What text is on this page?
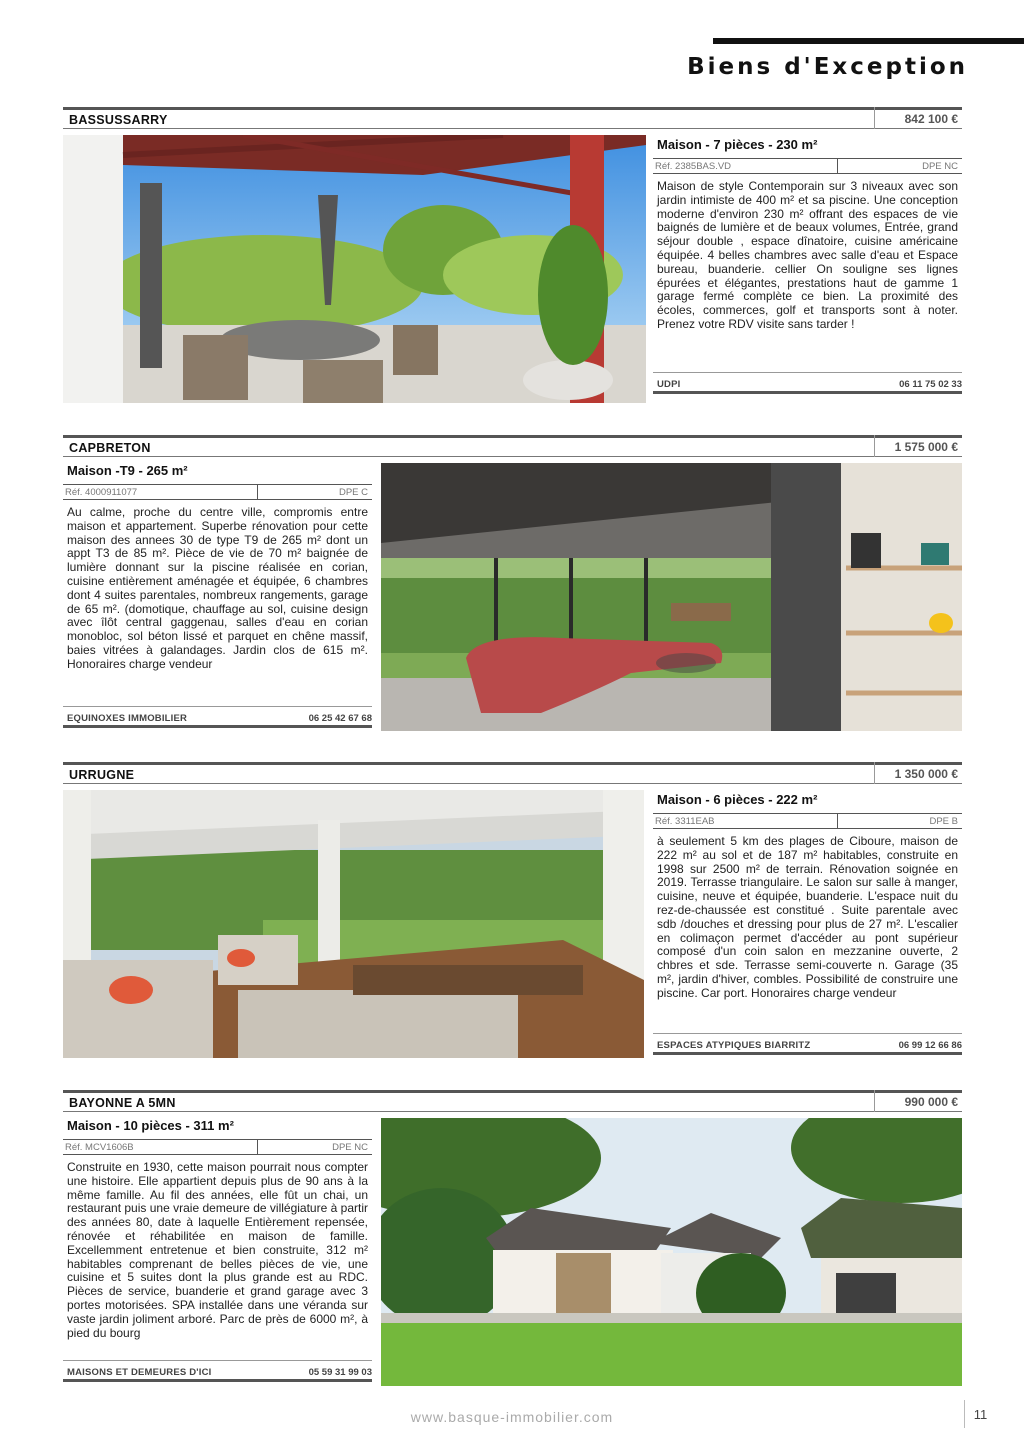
Biens d'Exception
BASSUSSARRY	842 100 €
Maison - 7 pièces - 230 m²
Réf. 2385BAS.VD	DPE NC
Maison de style Contemporain sur 3 niveaux avec son jardin intimiste de 400 m² et sa piscine. Une conception moderne d'environ 230 m² offrant des espaces de vie baignés de lumière et de beaux volumes, Entrée, grand séjour double , espace dînatoire, cuisine américaine équipée. 4 belles chambres avec salle d'eau et Espace bureau, buanderie. cellier On souligne ses lignes épurées et élégantes, prestations haut de gamme 1 garage fermé complète ce bien. La proximité des écoles, commerces, golf et transports sont à noter. Prenez votre RDV visite sans tarder !
UDPI	06 11 75 02 33
CAPBRETON	1 575 000 €
Maison -T9 - 265 m²
Réf. 4000911077	DPE C
Au calme, proche du centre ville, compromis entre maison et appartement. Superbe rénovation pour cette maison des annees 30 de type T9 de 265 m² dont un appt T3 de 85 m². Pièce de vie de 70 m² baignée de lumière donnant sur la piscine réalisée en corian, cuisine entièrement aménagée et équipée, 6 chambres dont 4 suites parentales, nombreux rangements, garage de 65 m². (domotique, chauffage au sol, cuisine design avec îlôt central gaggenau, salles d'eau en corian monobloc, sol béton lissé et parquet en chêne massif, baies vitrées à galandages. Jardin clos de 615 m². Honoraires charge vendeur
EQUINOXES IMMOBILIER	06 25 42 67 68
URRUGNE	1 350 000 €
Maison - 6 pièces - 222 m²
Réf. 3311EAB	DPE B
à seulement 5 km des plages de Ciboure, maison de 222 m² au sol et de 187 m² habitables, construite en 1998 sur 2500 m² de terrain. Rénovation soignée en 2019. Terrasse triangulaire. Le salon sur salle à manger, cuisine, neuve et équipée, buanderie. L'espace nuit du rez-de-chaussée est constitué . Suite parentale avec sdb /douches et dressing pour plus de 27 m². L'escalier en colimaçon permet d'accéder au pont supérieur composé d'un coin salon en mezzanine ouverte, 2 chbres et sde. Terrasse semi-couverte n. Garage (35 m², jardin d'hiver, combles. Possibilité de construire une piscine. Car port. Honoraires charge vendeur
ESPACES ATYPIQUES BIARRITZ	06 99 12 66 86
BAYONNE A 5MN	990 000 €
Maison - 10 pièces - 311 m²
Réf. MCV1606B	DPE NC
Construite en 1930, cette maison pourrait nous compter une histoire. Elle appartient depuis plus de 90 ans à la même famille. Au fil des années, elle fût un chai, un restaurant puis une vraie demeure de villégiature à partir des années 80, date à laquelle Entièrement repensée, rénovée et réhabilitée en maison de famille. Excellemment entretenue et bien construite, 312 m² habitables comprenant de belles pièces de vie, une cuisine et 5 suites dont la plus grande est au RDC. Pièces de service, buanderie et grand garage avec 3 portes motorisées. SPA installée dans une véranda sur vaste jardin joliment arboré. Parc de près de 6000 m², à pied du bourg
MAISONS ET DEMEURES D'ICI	05 59 31 99 03
www.basque-immobilier.com	11
